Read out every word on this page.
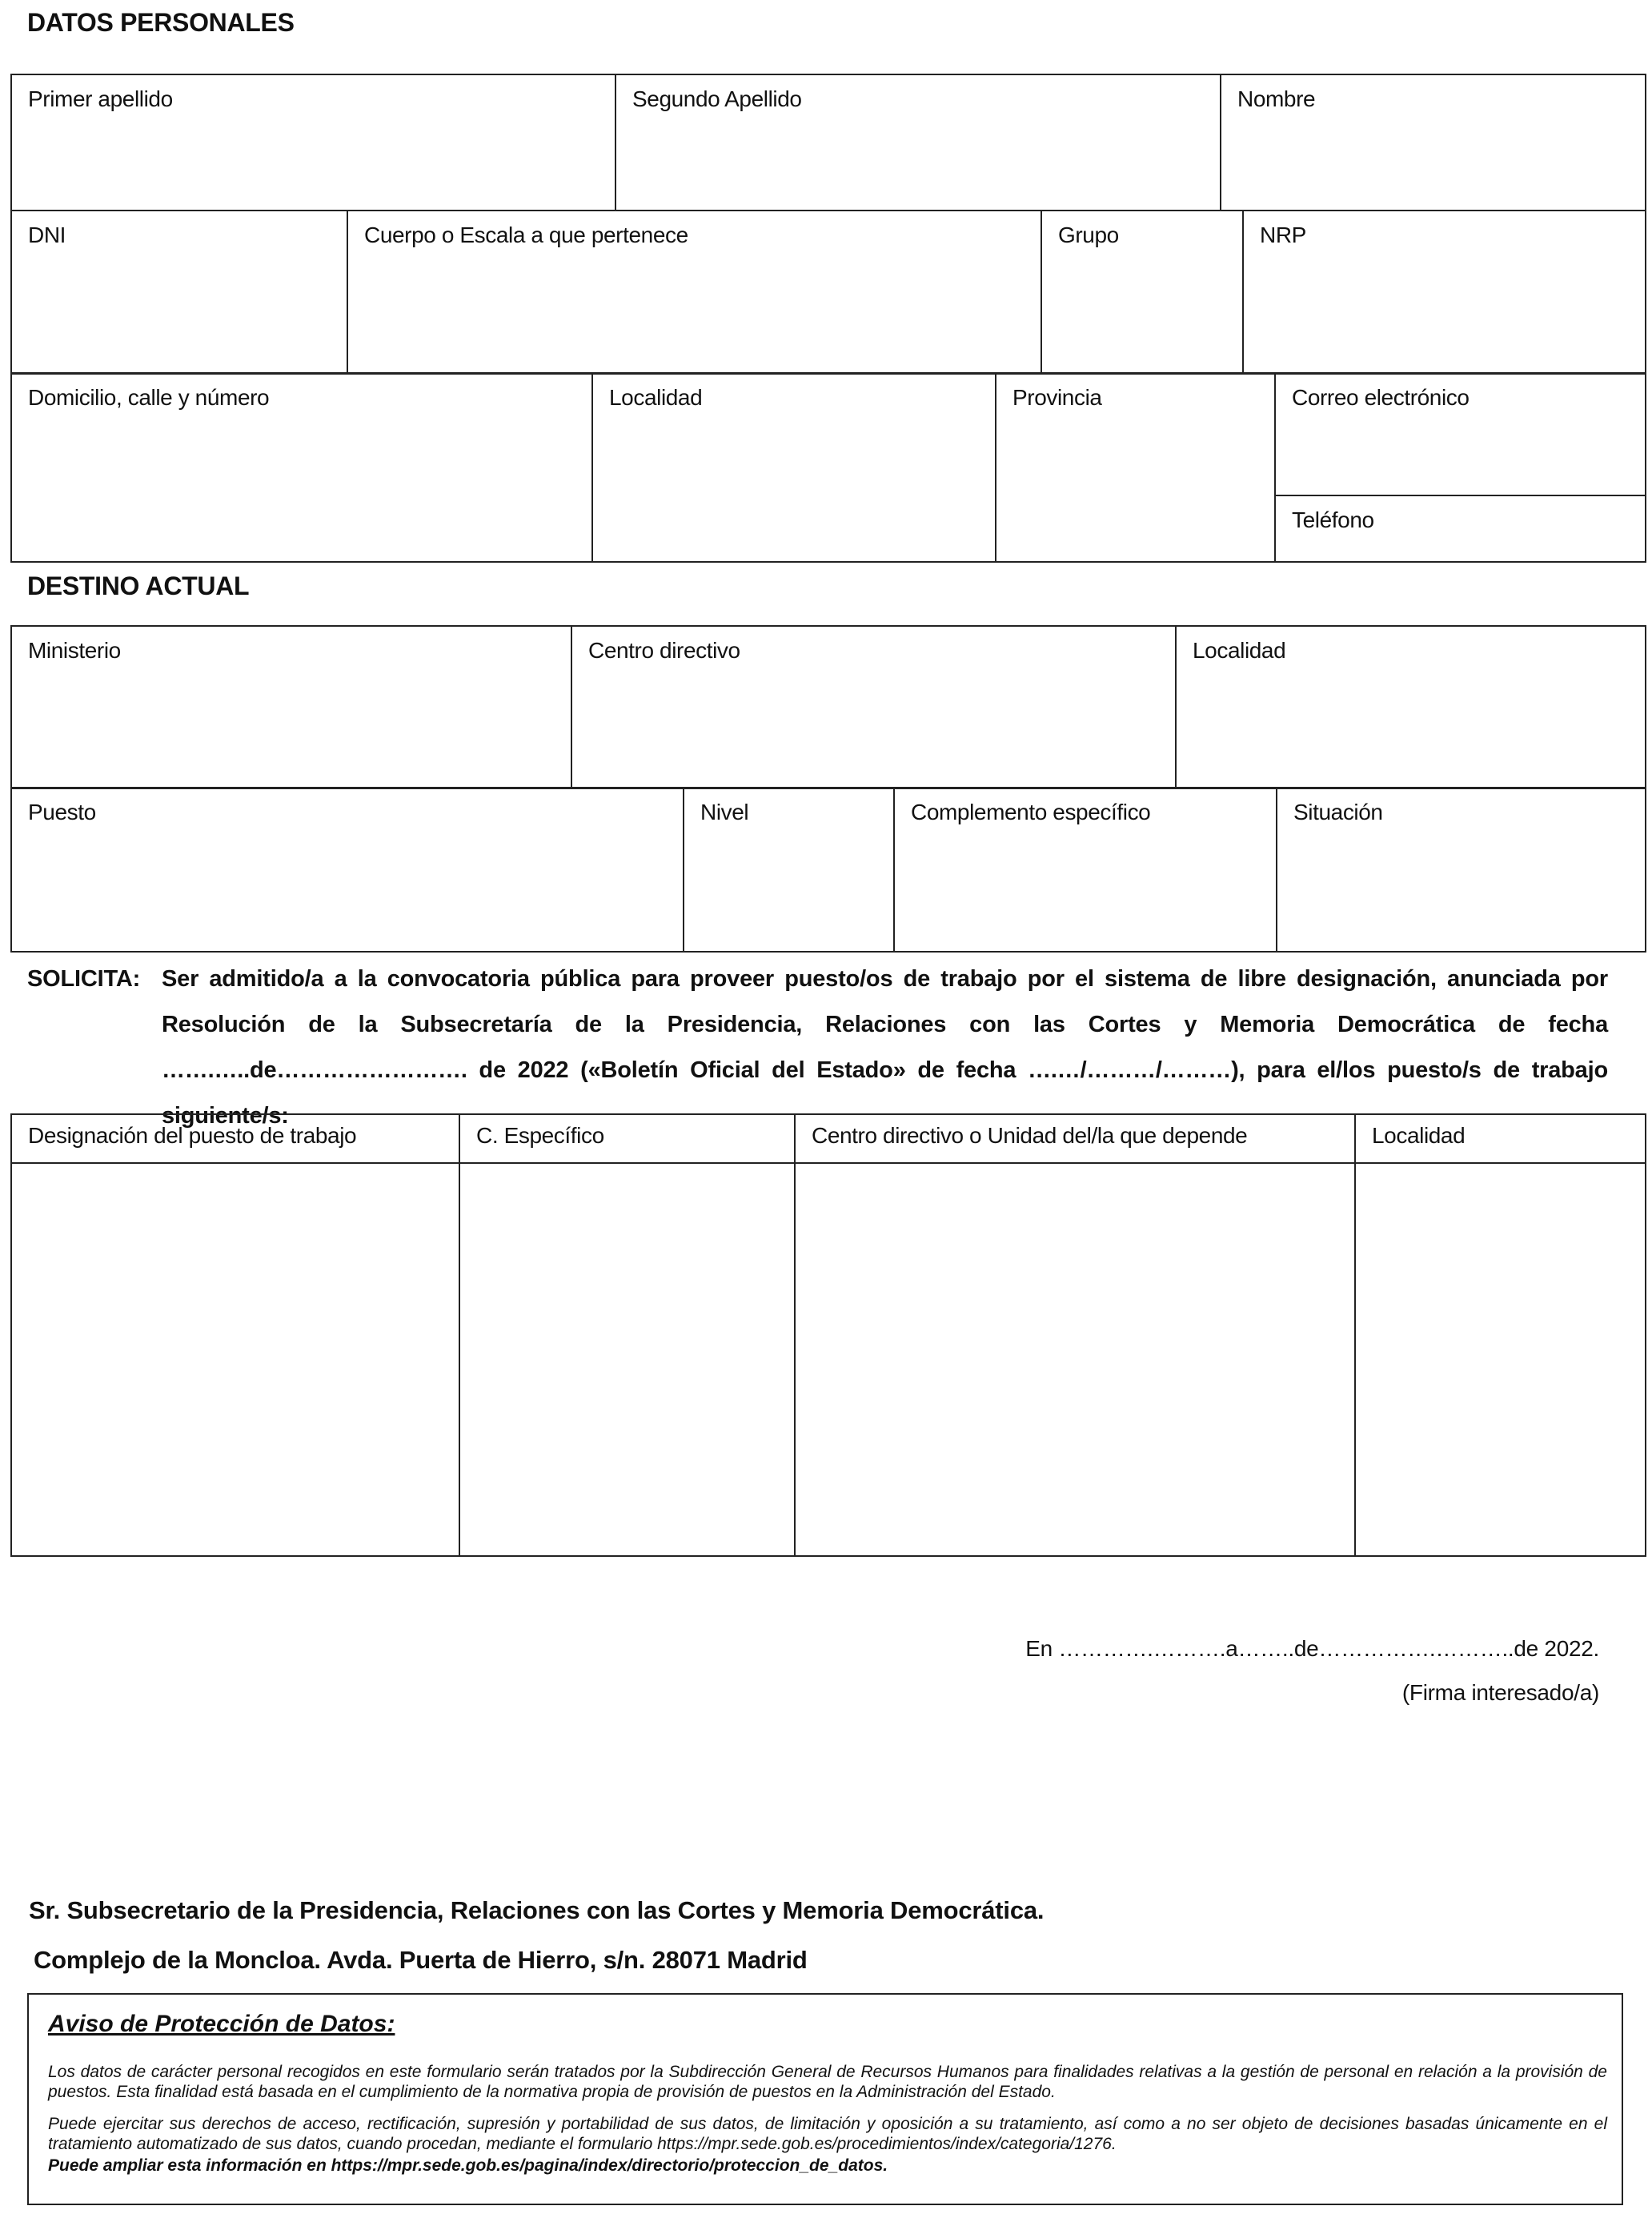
DATOS PERSONALES
Primer apellido	Segundo Apellido	Nombre
DNI	Cuerpo o Escala a que pertenece	Grupo	NRP
Domicilio, calle y número	Localidad	Provincia	Correo electrónico

Teléfono
DESTINO ACTUAL
Ministerio	Centro directivo	Localidad
Puesto	Nivel	Complemento específico	Situación
SOLICITA: Ser admitido/a a la convocatoria pública para proveer puesto/os de trabajo por el sistema de libre designación, anunciada por Resolución de la Subsecretaría de la Presidencia, Relaciones con las Cortes y Memoria Democrática de fecha …….…..de……………………. de 2022 («Boletín Oficial del Estado» de fecha ….…/………/………), para el/los puesto/s de trabajo siguiente/s:
Designación del puesto de trabajo	C. Específico	Centro directivo o Unidad del/la que depende	Localidad

En ………….……….a……..de…………….………..de 2022.
(Firma interesado/a)
Sr. Subsecretario de la Presidencia, Relaciones con las Cortes y Memoria Democrática.
Complejo de la Moncloa. Avda. Puerta de Hierro, s/n. 28071 Madrid
Aviso de Protección de Datos:
Los datos de carácter personal recogidos en este formulario serán tratados por la Subdirección General de Recursos Humanos para finalidades relativas a la gestión de personal en relación a la provisión de puestos. Esta finalidad está basada en el cumplimiento de la normativa propia de provisión de puestos en la Administración del Estado.
Puede ejercitar sus derechos de acceso, rectificación, supresión y portabilidad de sus datos, de limitación y oposición a su tratamiento, así como a no ser objeto de decisiones basadas únicamente en el tratamiento automatizado de sus datos, cuando procedan, mediante el formulario https://mpr.sede.gob.es/procedimientos/index/categoria/1276.
Puede ampliar esta información en https://mpr.sede.gob.es/pagina/index/directorio/proteccion_de_datos.
